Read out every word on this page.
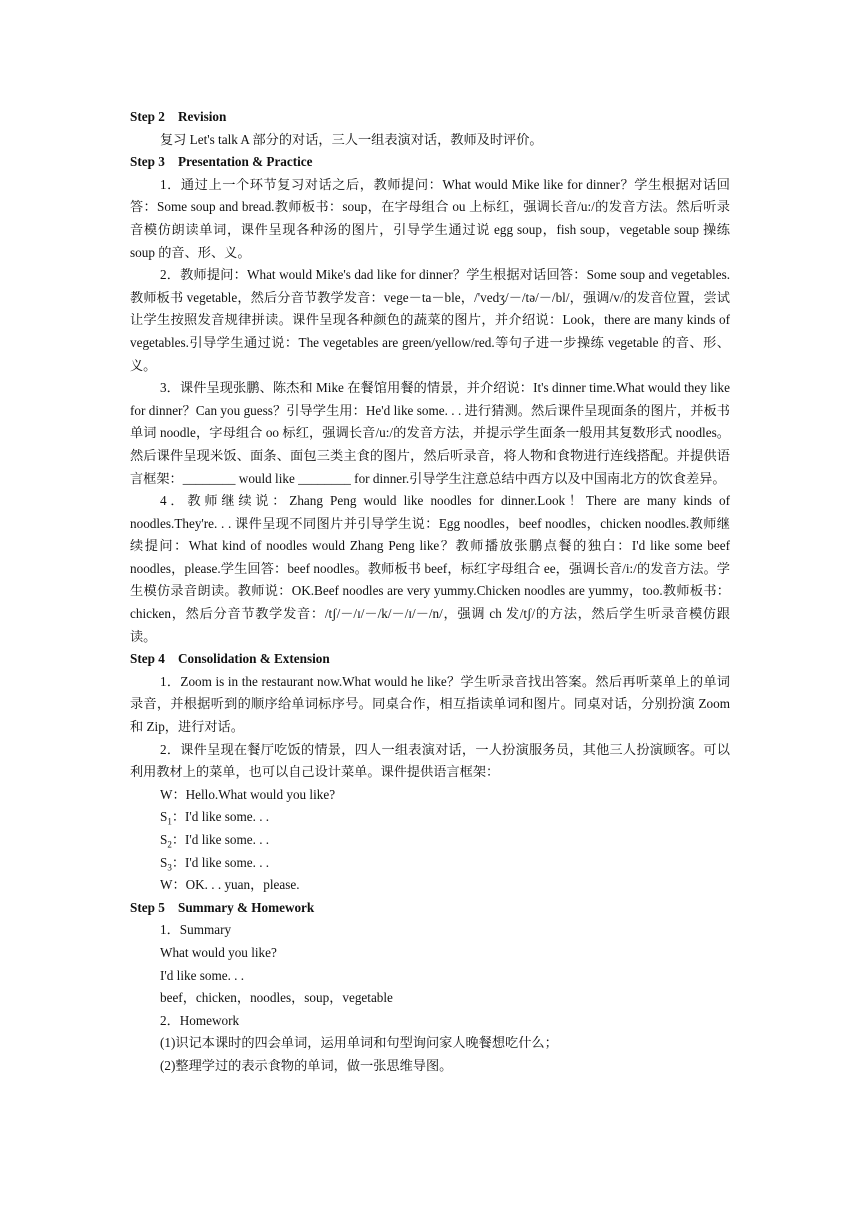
Step 2    Revision

复习 Let's talk A 部分的对话，三人一组表演对话，教师及时评价。

Step 3    Presentation & Practice

1．通过上一个环节复习对话之后，教师提问：What would Mike like for dinner？学生根据对话回答：Some soup and bread.教师板书：soup，在字母组合 ou 上标红，强调长音/u:/的发音方法。然后听录音模仿朗读单词，课件呈现各种汤的图片，引导学生通过说 egg soup，fish soup，vegetable soup 操练 soup 的音、形、义。

2．教师提问：What would Mike's dad like for dinner？学生根据对话回答：Some soup and vegetables.教师板书 vegetable，然后分音节教学发音：vege－ta－ble，/'vedʒ/－/tə/－/bl/，强调/v/的发音位置，尝试让学生按照发音规律拼读。课件呈现各种颜色的蔬菜的图片，并介绍说：Look，there are many kinds of vegetables.引导学生通过说：The vegetables are green/yellow/red.等句子进一步操练 vegetable 的音、形、义。

3．课件呈现张鹏、陈杰和 Mike 在餐馆用餐的情景，并介绍说：It's dinner time.What would they like for dinner？Can you guess？引导学生用：He'd like some. . . 进行猜测。然后课件呈现面条的图片，并板书单词 noodle，字母组合 oo 标红，强调长音/u:/的发音方法，并提示学生面条一般用其复数形式 noodles。然后课件呈现米饭、面条、面包三类主食的图片，然后听录音，将人物和食物进行连线搭配。并提供语言框架：________ would like ________ for dinner.引导学生注意总结中西方以及中国南北方的饮食差异。

4．教师继续说：Zhang Peng would like noodles for dinner.Look！There are many kinds of noodles.They're. . . 课件呈现不同图片并引导学生说：Egg noodles，beef noodles，chicken noodles.教师继续提问：What kind of noodles would Zhang Peng like？教师播放张鹏点餐的独白：I'd like some beef noodles，please.学生回答：beef noodles。教师板书 beef，标红字母组合 ee，强调长音/i:/的发音方法。学生模仿录音朗读。教师说：OK.Beef noodles are very yummy.Chicken noodles are yummy，too.教师板书：chicken，然后分音节教学发音：/tʃ/－/ɪ/－/k/－/ɪ/－/n/，强调 ch 发/tʃ/的方法，然后学生听录音模仿跟读。

Step 4    Consolidation & Extension

1．Zoom is in the restaurant now.What would he like？学生听录音找出答案。然后再听菜单上的单词录音，并根据听到的顺序给单词标序号。同桌合作，相互指读单词和图片。同桌对话，分别扮演 Zoom 和 Zip，进行对话。

2．课件呈现在餐厅吃饭的情景，四人一组表演对话，一人扮演服务员，其他三人扮演顾客。可以利用教材上的菜单，也可以自己设计菜单。课件提供语言框架：

W：Hello.What would you like?

$S_1$：I'd like some. . .

$S_2$：I'd like some. . .

$S_3$：I'd like some. . .

W：OK. . . yuan，please.

Step 5    Summary & Homework

1．Summary

What would you like?

I'd like some. . .

beef，chicken，noodles，soup，vegetable

2．Homework

(1)识记本课时的四会单词，运用单词和句型询问家人晚餐想吃什么；

(2)整理学过的表示食物的单词，做一张思维导图。
